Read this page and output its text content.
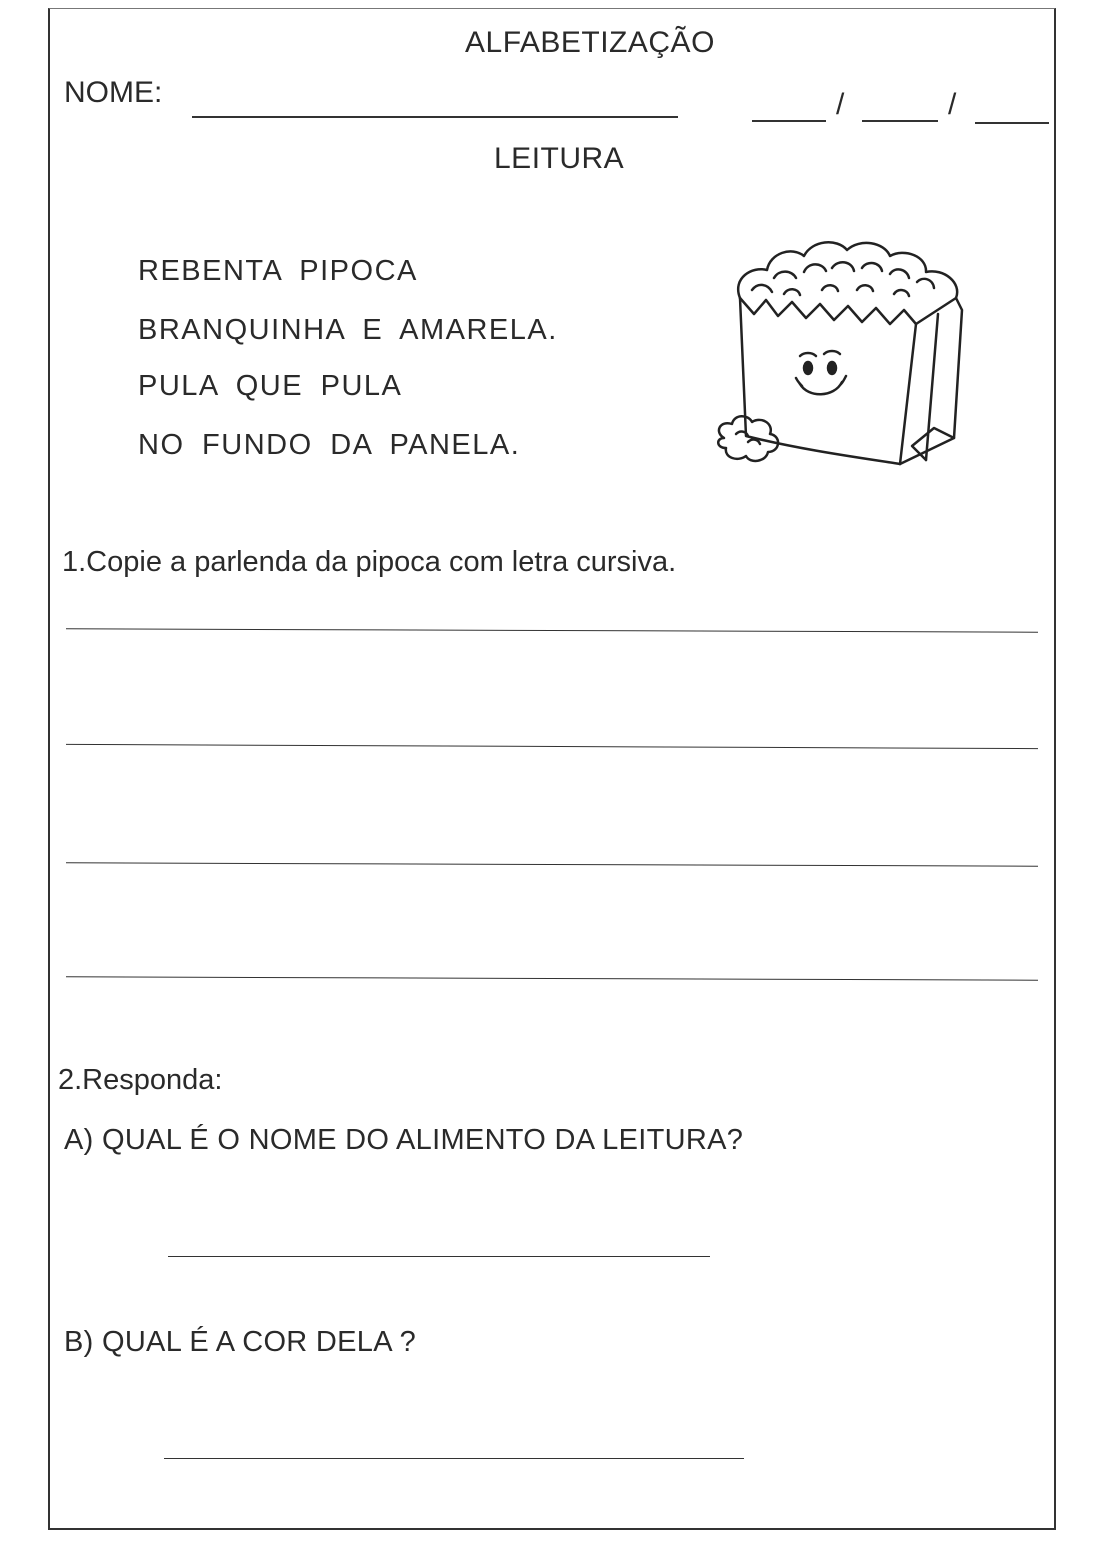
ALFABETIZAÇÃO
NOME:	/	/
LEITURA
REBENTA PIPOCA
BRANQUINHA E AMARELA.
PULA QUE PULA
NO FUNDO DA PANELA.
1.Copie a parlenda da pipoca com letra cursiva.
2.Responda:
A) QUAL É O NOME DO ALIMENTO DA LEITURA?
B) QUAL É A COR DELA ?
